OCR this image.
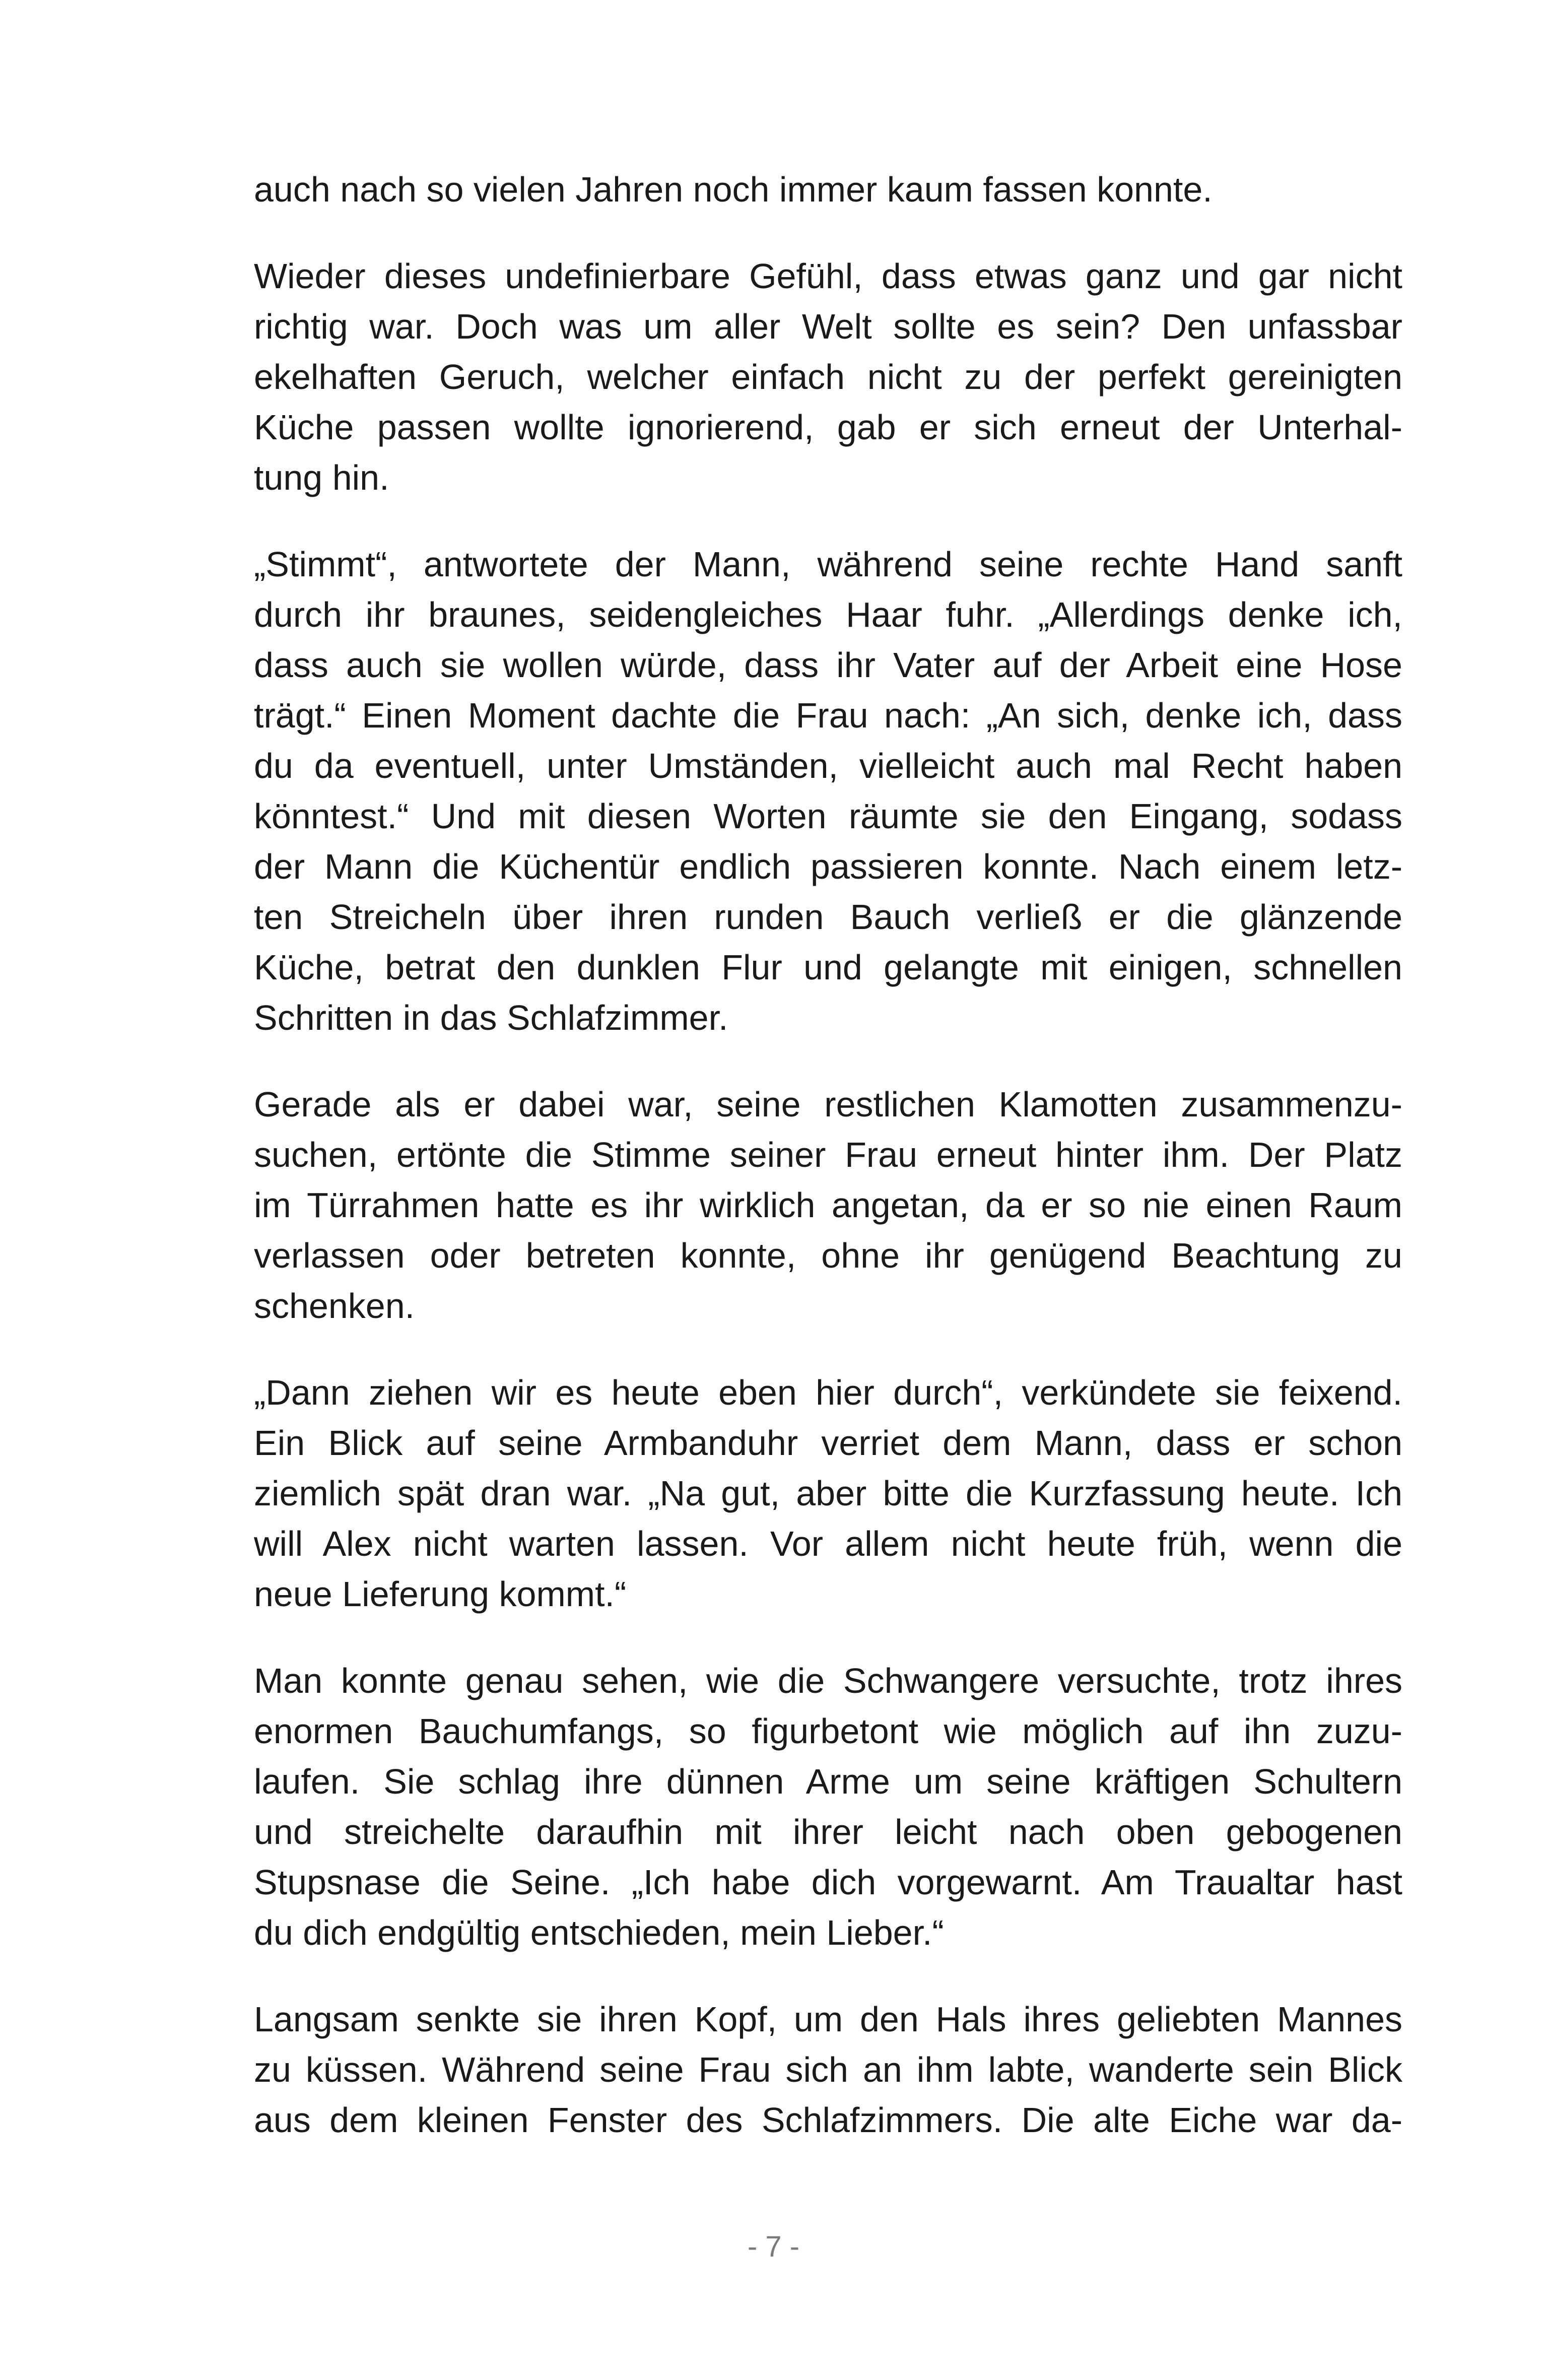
auch nach so vielen Jahren noch immer kaum fassen konnte.
Wieder dieses undefinierbare Gefühl, dass etwas ganz und gar nicht
richtig war. Doch was um aller Welt sollte es sein? Den unfassbar
ekelhaften Geruch, welcher einfach nicht zu der perfekt gereinigten
Küche passen wollte ignorierend, gab er sich erneut der Unterhal-
tung hin.
„Stimmt“, antwortete der Mann, während seine rechte Hand sanft
durch ihr braunes, seidengleiches Haar fuhr. „Allerdings denke ich,
dass auch sie wollen würde, dass ihr Vater auf der Arbeit eine Hose
trägt.“ Einen Moment dachte die Frau nach: „An sich, denke ich, dass
du da eventuell, unter Umständen, vielleicht auch mal Recht haben
könntest.“ Und mit diesen Worten räumte sie den Eingang, sodass
der Mann die Küchentür endlich passieren konnte. Nach einem letz-
ten Streicheln über ihren runden Bauch verließ er die glänzende
Küche, betrat den dunklen Flur und gelangte mit einigen, schnellen
Schritten in das Schlafzimmer.
Gerade als er dabei war, seine restlichen Klamotten zusammenzu-
suchen, ertönte die Stimme seiner Frau erneut hinter ihm. Der Platz
im Türrahmen hatte es ihr wirklich angetan, da er so nie einen Raum
verlassen oder betreten konnte, ohne ihr genügend Beachtung zu
schenken.
„Dann ziehen wir es heute eben hier durch“, verkündete sie feixend.
Ein Blick auf seine Armbanduhr verriet dem Mann, dass er schon
ziemlich spät dran war. „Na gut, aber bitte die Kurzfassung heute. Ich
will Alex nicht warten lassen. Vor allem nicht heute früh, wenn die
neue Lieferung kommt.“
Man konnte genau sehen, wie die Schwangere versuchte, trotz ihres
enormen Bauchumfangs, so figurbetont wie möglich auf ihn zuzu-
laufen. Sie schlag ihre dünnen Arme um seine kräftigen Schultern
und streichelte daraufhin mit ihrer leicht nach oben gebogenen
Stupsnase die Seine. „Ich habe dich vorgewarnt. Am Traualtar hast
du dich endgültig entschieden, mein Lieber.“
Langsam senkte sie ihren Kopf, um den Hals ihres geliebten Mannes
zu küssen. Während seine Frau sich an ihm labte, wanderte sein Blick
aus dem kleinen Fenster des Schlafzimmers. Die alte Eiche war da-
- 7 -
